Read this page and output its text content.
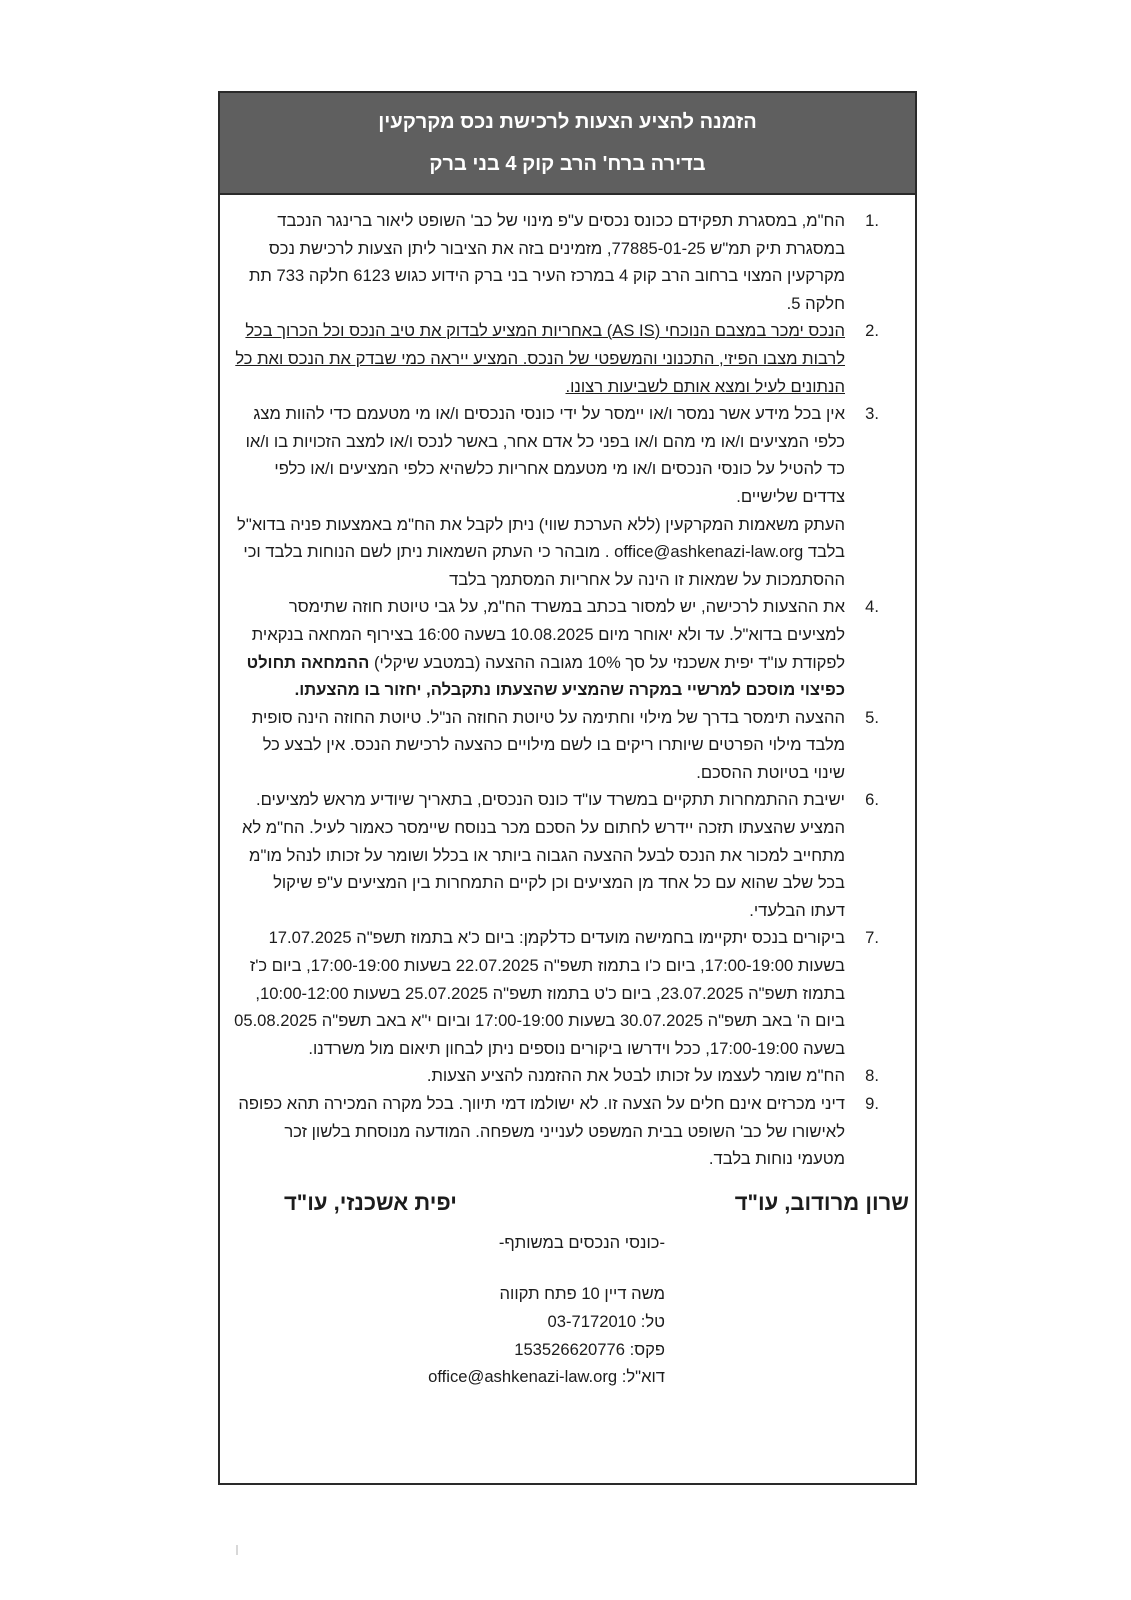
הזמנה להציע הצעות לרכישת נכס מקרקעין
בדירה ברח' הרב קוק 4 בני ברק
1.
הח"מ, במסגרת תפקידם ככונס נכסים ע"פ מינוי של כב' השופט ליאור ברינגר הנכבד במסגרת תיק תמ"ש 77885-01-25, מזמינים בזה את הציבור ליתן הצעות לרכישת נכס מקרקעין המצוי ברחוב הרב קוק 4 במרכז העיר בני ברק הידוע כגוש 6123 חלקה 733 תת חלקה 5.
2.
הנכס ימכר במצבם הנוכחי (AS IS) באחריות המציע לבדוק את טיב הנכס וכל הכרוך בכל לרבות מצבו הפיזי, התכנוני והמשפטי של הנכס. המציע ייראה כמי שבדק את הנכס ואת כל הנתונים לעיל ומצא אותם לשביעות רצונו.
3.
אין בכל מידע אשר נמסר ו/או יימסר על ידי כונסי הנכסים ו/או מי מטעמם כדי להוות מצג כלפי המציעים ו/או מי מהם ו/או בפני כל אדם אחר, באשר לנכס ו/או למצב הזכויות בו ו/או כד להטיל על כונסי הנכסים ו/או מי מטעמם אחריות כלשהיא כלפי המציעים ו/או כלפי צדדים שלישיים.
העתק משאמות המקרקעין (ללא הערכת שווי) ניתן לקבל את הח"מ באמצעות פניה בדוא"ל בלבד office@ashkenazi-law.org . מובהר כי העתק השמאות ניתן לשם הנוחות בלבד וכי ההסתמכות על שמאות זו הינה על אחריות המסתמך בלבד
4.
את ההצעות לרכישה, יש למסור בכתב במשרד הח"מ, על גבי טיוטת חוזה שתימסר למציעים בדוא"ל. עד ולא יאוחר מיום 10.08.2025 בשעה 16:00 בצירוף המחאה בנקאית לפקודת עו"ד יפית אשכנזי על סך 10% מגובה ההצעה (במטבע שיקלי) ההמחאה תחולט כפיצוי מוסכם למרשיי במקרה שהמציע שהצעתו נתקבלה, יחזור בו מהצעתו.
5.
ההצעה תימסר בדרך של מילוי וחתימה על טיוטת החוזה הנ"ל. טיוטת החוזה הינה סופית מלבד מילוי הפרטים שיותרו ריקים בו לשם מילויים כהצעה לרכישת הנכס. אין לבצע כל שינוי בטיוטת ההסכם.
6.
ישיבת ההתמחרות תתקיים במשרד עו"ד כונס הנכסים, בתאריך שיודיע מראש למציעים. המציע שהצעתו תזכה יידרש לחתום על הסכם מכר בנוסח שיימסר כאמור לעיל. הח"מ לא מתחייב למכור את הנכס לבעל ההצעה הגבוה ביותר או בכלל ושומר על זכותו לנהל מו"מ בכל שלב שהוא עם כל אחד מן המציעים וכן לקיים התמחרות בין המציעים ע"פ שיקול דעתו הבלעדי.
7.
ביקורים בנכס יתקיימו בחמישה מועדים כדלקמן: ביום כ'א בתמוז תשפ"ה 17.07.2025 בשעות 17:00-19:00, ביום כ'ו בתמוז תשפ"ה 22.07.2025 בשעות 17:00-19:00, ביום כ'ז בתמוז תשפ"ה 23.07.2025, ביום כ'ט בתמוז תשפ"ה 25.07.2025 בשעות 10:00-12:00, ביום ה' באב תשפ"ה 30.07.2025 בשעות 17:00-19:00 וביום י"א באב תשפ"ה 05.08.2025 בשעה 17:00-19:00, ככל וידרשו ביקורים נוספים ניתן לבחון תיאום מול משרדנו.
8.
הח"מ שומר לעצמו על זכותו לבטל את ההזמנה להציע הצעות.
9.
דיני מכרזים אינם חלים על הצעה זו. לא ישולמו דמי תיווך. בכל מקרה המכירה תהא כפופה לאישורו של כב' השופט בבית המשפט לענייני משפחה. המודעה מנוסחת בלשון זכר מטעמי נוחות בלבד.
שרון מרודוב, עו"ד
יפית אשכנזי, עו"ד
-כונסי הנכסים במשותף-
משה דיין 10 פתח תקווה
טל: 03-7172010
פקס: 153526620776
דוא"ל: office@ashkenazi-law.org
